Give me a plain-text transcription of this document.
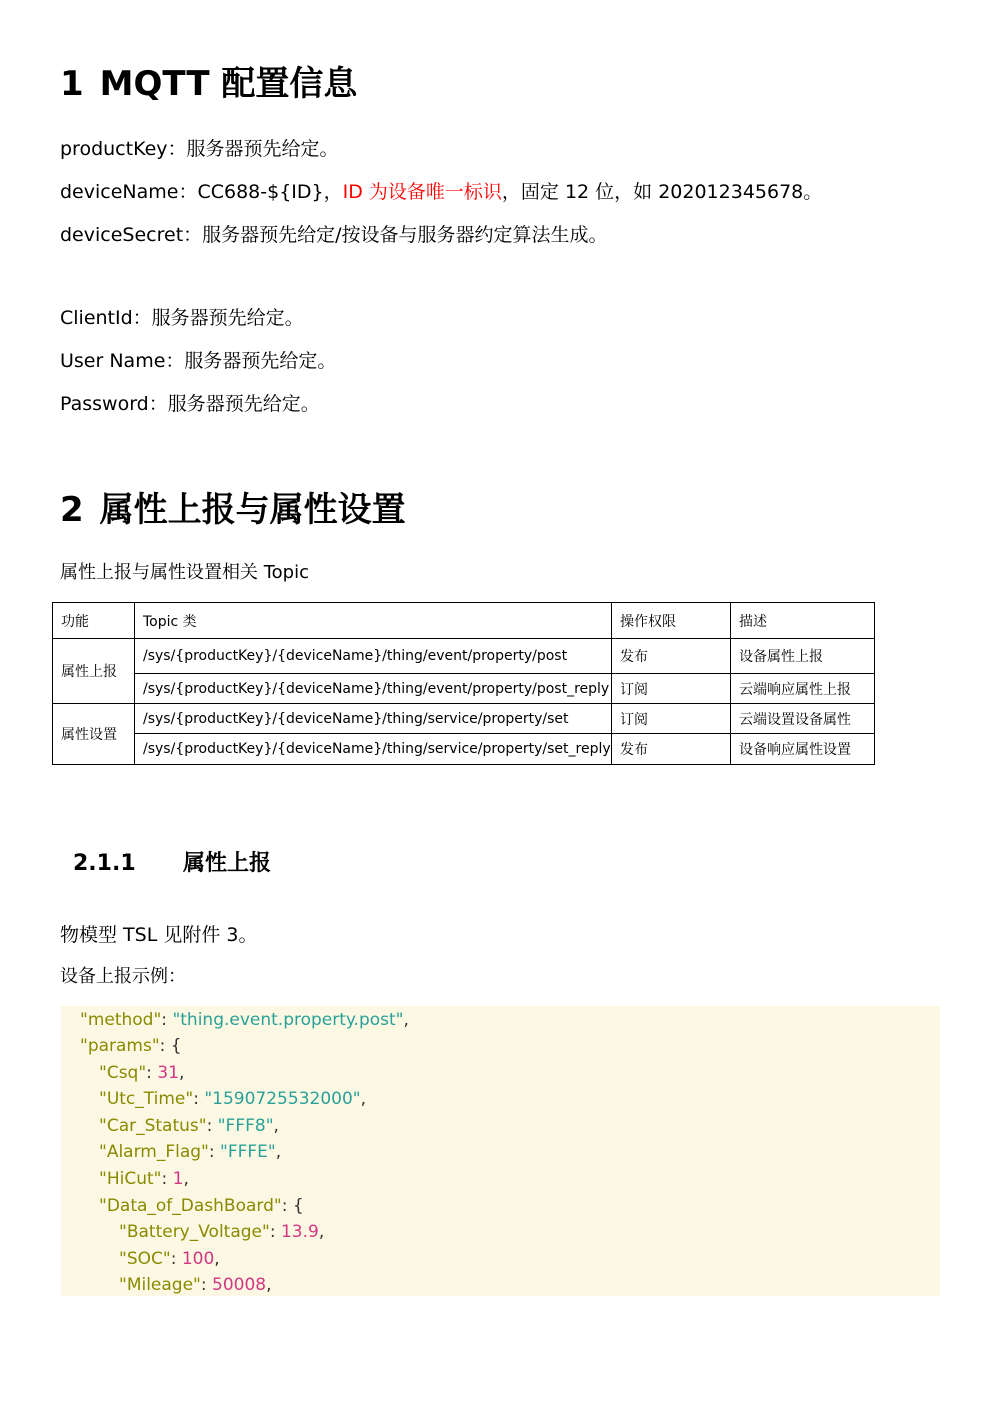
1 MQTT 配置信息

productKey：服务器预先给定。

deviceName：CC688-${ID}，ID 为设备唯一标识，固定 12 位，如 202012345678。

deviceSecret：服务器预先给定/按设备与服务器约定算法生成。

ClientId：服务器预先给定。

User Name：服务器预先给定。

Password：服务器预先给定。

2 属性上报与属性设置

属性上报与属性设置相关 Topic

功能	Topic 类	操作权限	描述
属性上报	/sys/{productKey}/{deviceName}/thing/event/property/post	发布	设备属性上报
	/sys/{productKey}/{deviceName}/thing/event/property/post_reply	订阅	云端响应属性上报
属性设置	/sys/{productKey}/{deviceName}/thing/service/property/set	订阅	云端设置设备属性
	/sys/{productKey}/{deviceName}/thing/service/property/set_reply	发布	设备响应属性设置
2.1.1 属性上报

物模型 TSL 见附件 3。

设备上报示例：

"method": "thing.event.property.post",
"params": {
"Csq": 31,
"Utc_Time": "1590725532000",
"Car_Status": "FFF8",
"Alarm_Flag": "FFFE",
"HiCut": 1,
"Data_of_DashBoard": {
"Battery_Voltage": 13.9,
"SOC": 100,
"Mileage": 50008,
